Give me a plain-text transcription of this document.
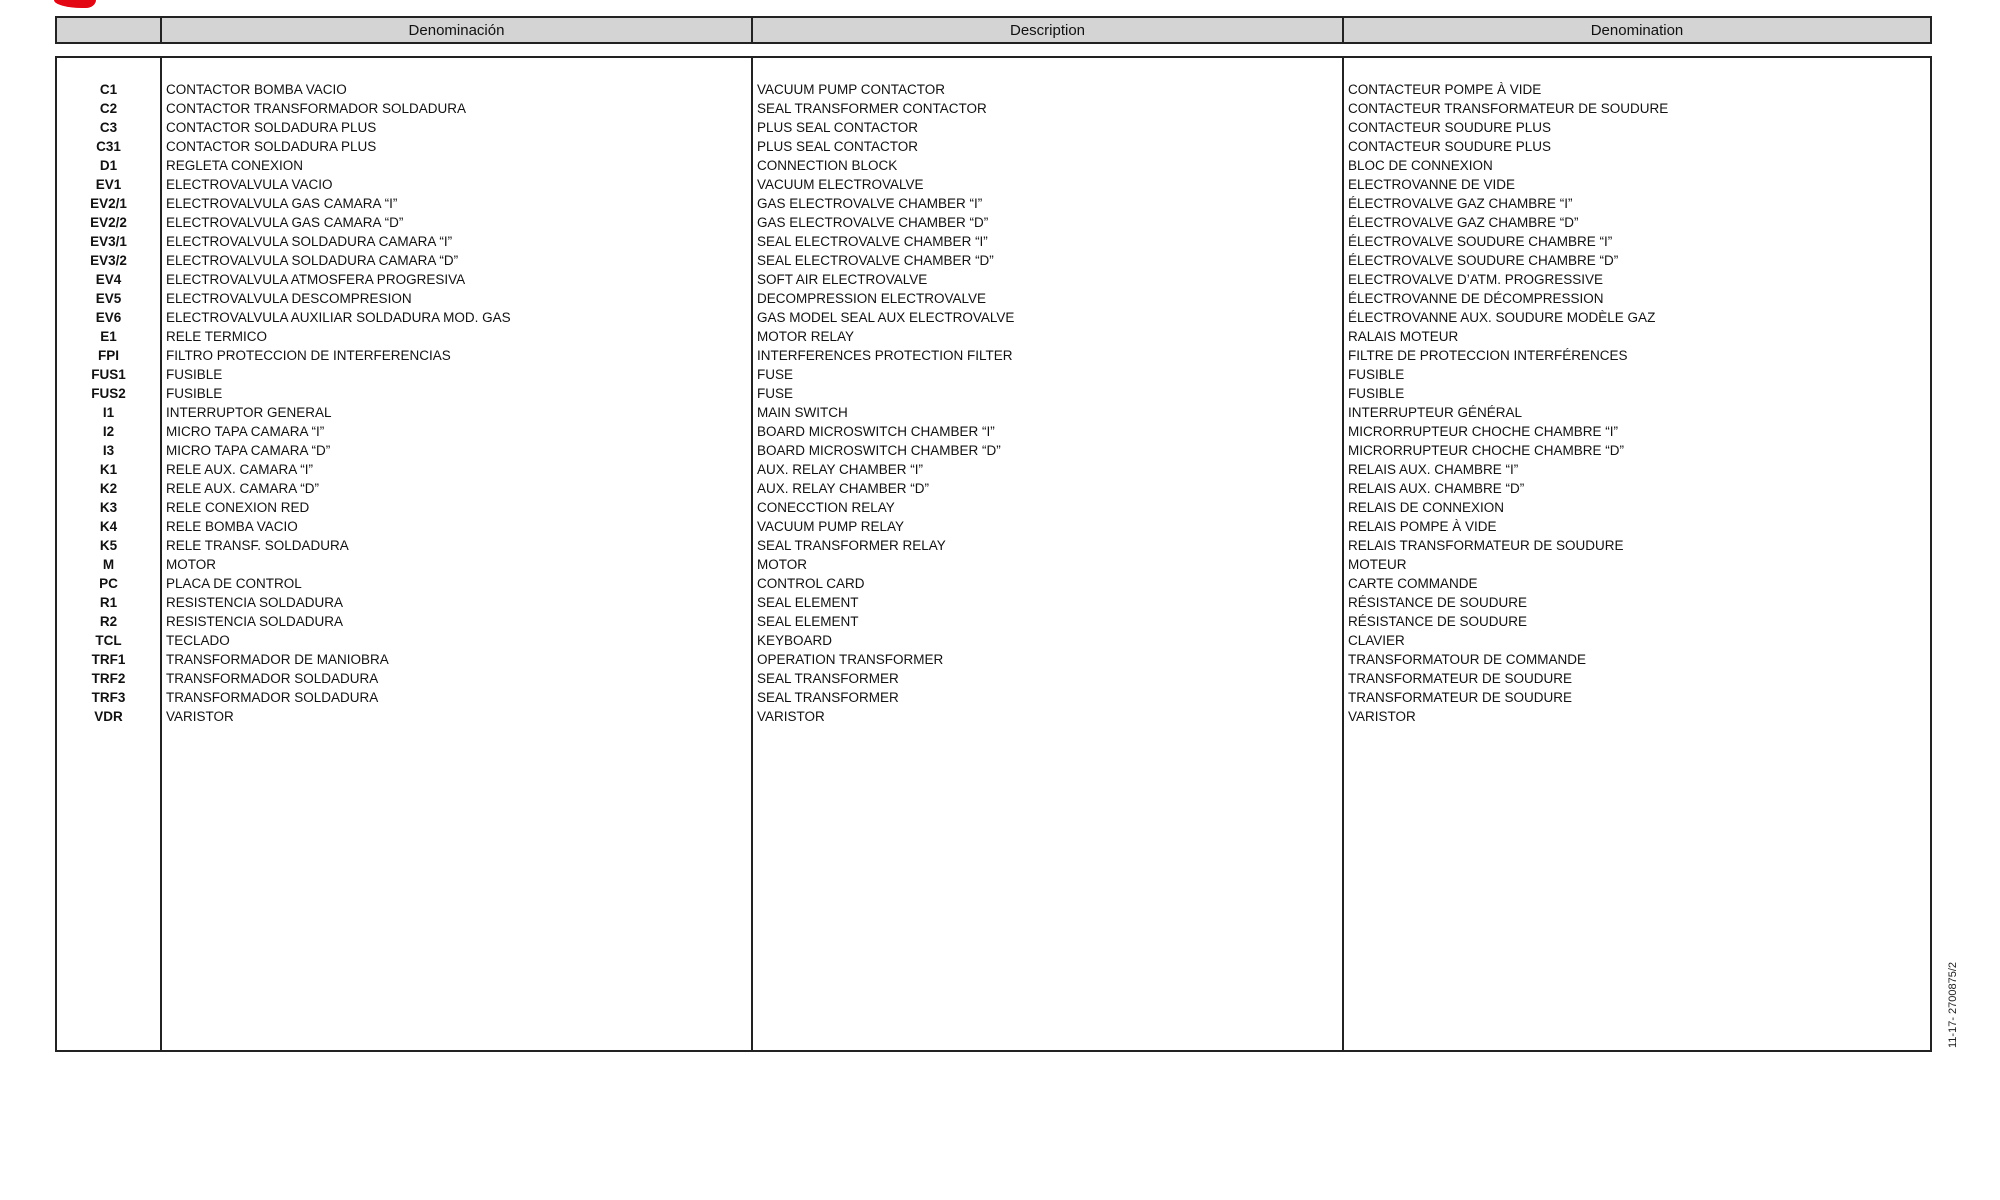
Denominación	Description	Denomination
C1
C2
C3
C31
D1
EV1
EV2/1
EV2/2
EV3/1
EV3/2
EV4
EV5
EV6
E1
FPI
FUS1
FUS2
I1
I2
I3
K1
K2
K3
K4
K5
M
PC
R1
R2
TCL
TRF1
TRF2
TRF3
VDR
CONTACTOR BOMBA VACIO
CONTACTOR TRANSFORMADOR SOLDADURA
CONTACTOR SOLDADURA PLUS
CONTACTOR SOLDADURA PLUS
REGLETA CONEXION
ELECTROVALVULA VACIO
ELECTROVALVULA GAS CAMARA “I”
ELECTROVALVULA GAS CAMARA “D”
ELECTROVALVULA SOLDADURA CAMARA “I”
ELECTROVALVULA SOLDADURA CAMARA “D”
ELECTROVALVULA ATMOSFERA PROGRESIVA
ELECTROVALVULA DESCOMPRESION
ELECTROVALVULA AUXILIAR SOLDADURA MOD. GAS
RELE TERMICO
FILTRO PROTECCION DE INTERFERENCIAS
FUSIBLE
FUSIBLE
INTERRUPTOR GENERAL
MICRO TAPA CAMARA “I”
MICRO TAPA CAMARA “D”
RELE AUX. CAMARA “I”
RELE AUX. CAMARA “D”
RELE CONEXION RED
RELE BOMBA VACIO
RELE TRANSF. SOLDADURA
MOTOR
PLACA DE CONTROL
RESISTENCIA SOLDADURA
RESISTENCIA SOLDADURA
TECLADO
TRANSFORMADOR DE MANIOBRA
TRANSFORMADOR SOLDADURA
TRANSFORMADOR SOLDADURA
VARISTOR
VACUUM PUMP CONTACTOR
SEAL TRANSFORMER CONTACTOR
PLUS SEAL CONTACTOR
PLUS SEAL CONTACTOR
CONNECTION BLOCK
VACUUM ELECTROVALVE
GAS ELECTROVALVE CHAMBER “I”
GAS ELECTROVALVE CHAMBER “D”
SEAL ELECTROVALVE CHAMBER “I”
SEAL ELECTROVALVE CHAMBER “D”
SOFT AIR ELECTROVALVE
DECOMPRESSION ELECTROVALVE
GAS MODEL SEAL AUX ELECTROVALVE
MOTOR RELAY
INTERFERENCES PROTECTION FILTER
FUSE
FUSE
MAIN SWITCH
BOARD MICROSWITCH CHAMBER “I”
BOARD MICROSWITCH CHAMBER “D”
AUX. RELAY CHAMBER “I”
AUX. RELAY CHAMBER “D”
CONECCTION RELAY
VACUUM PUMP RELAY
SEAL TRANSFORMER RELAY
MOTOR
CONTROL CARD
SEAL ELEMENT
SEAL ELEMENT
KEYBOARD
OPERATION TRANSFORMER
SEAL TRANSFORMER
SEAL TRANSFORMER
VARISTOR
CONTACTEUR POMPE À VIDE
CONTACTEUR TRANSFORMATEUR DE SOUDURE
CONTACTEUR SOUDURE PLUS
CONTACTEUR SOUDURE PLUS
BLOC DE CONNEXION
ELECTROVANNE DE VIDE
ÉLECTROVALVE GAZ CHAMBRE “I”
ÉLECTROVALVE GAZ CHAMBRE “D”
ÉLECTROVALVE SOUDURE CHAMBRE “I”
ÉLECTROVALVE SOUDURE CHAMBRE “D”
ELECTROVALVE D’ATM. PROGRESSIVE
ÉLECTROVANNE DE DÉCOMPRESSION
ÉLECTROVANNE AUX. SOUDURE MODÈLE GAZ
RALAIS MOTEUR
FILTRE DE PROTECCION INTERFÉRENCES
FUSIBLE
FUSIBLE
INTERRUPTEUR GÉNÉRAL
MICRORRUPTEUR CHOCHE CHAMBRE “I”
MICRORRUPTEUR CHOCHE CHAMBRE “D”
RELAIS AUX. CHAMBRE “I”
RELAIS AUX. CHAMBRE “D”
RELAIS DE CONNEXION
RELAIS POMPE À VIDE
RELAIS TRANSFORMATEUR DE SOUDURE
MOTEUR
CARTE COMMANDE
RÉSISTANCE DE SOUDURE
RÉSISTANCE DE SOUDURE
CLAVIER
TRANSFORMATOUR DE COMMANDE
TRANSFORMATEUR DE SOUDURE
TRANSFORMATEUR DE SOUDURE
VARISTOR
11-17- 2700875/2
